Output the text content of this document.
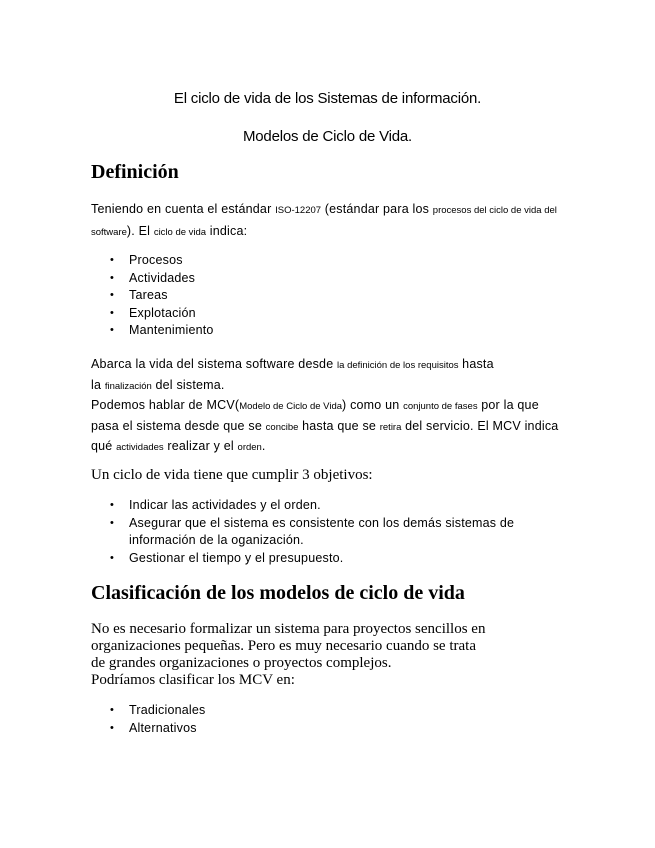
El ciclo de vida de los Sistemas de información.
Modelos de Ciclo de Vida.
Definición
Teniendo en cuenta el estándar ISO-12207 (estándar para los procesos del ciclo de vida del software). El ciclo de vida indica:
• Procesos
• Actividades
• Tareas
• Explotación
• Mantenimiento
Abarca la vida del sistema software desde la definición de los requisitos hasta
la finalización del sistema.
Podemos hablar de MCV(Modelo de Ciclo de Vida) como un conjunto de fases por la que pasa el sistema desde que se concibe hasta que se retira del servicio. El MCV indica qué actividades realizar y el orden.
Un ciclo de vida tiene que cumplir 3 objetivos:
• Indicar las actividades y el orden.
• Asegurar que el sistema es consistente con los demás sistemas de información de la oganización.
• Gestionar el tiempo y el presupuesto.
Clasificación de los modelos de ciclo de vida
No es necesario formalizar un sistema para proyectos sencillos en
organizaciones pequeñas. Pero es muy necesario cuando se trata
de grandes organizaciones o proyectos complejos.
Podríamos clasificar los MCV en:
• Tradicionales
• Alternativos
